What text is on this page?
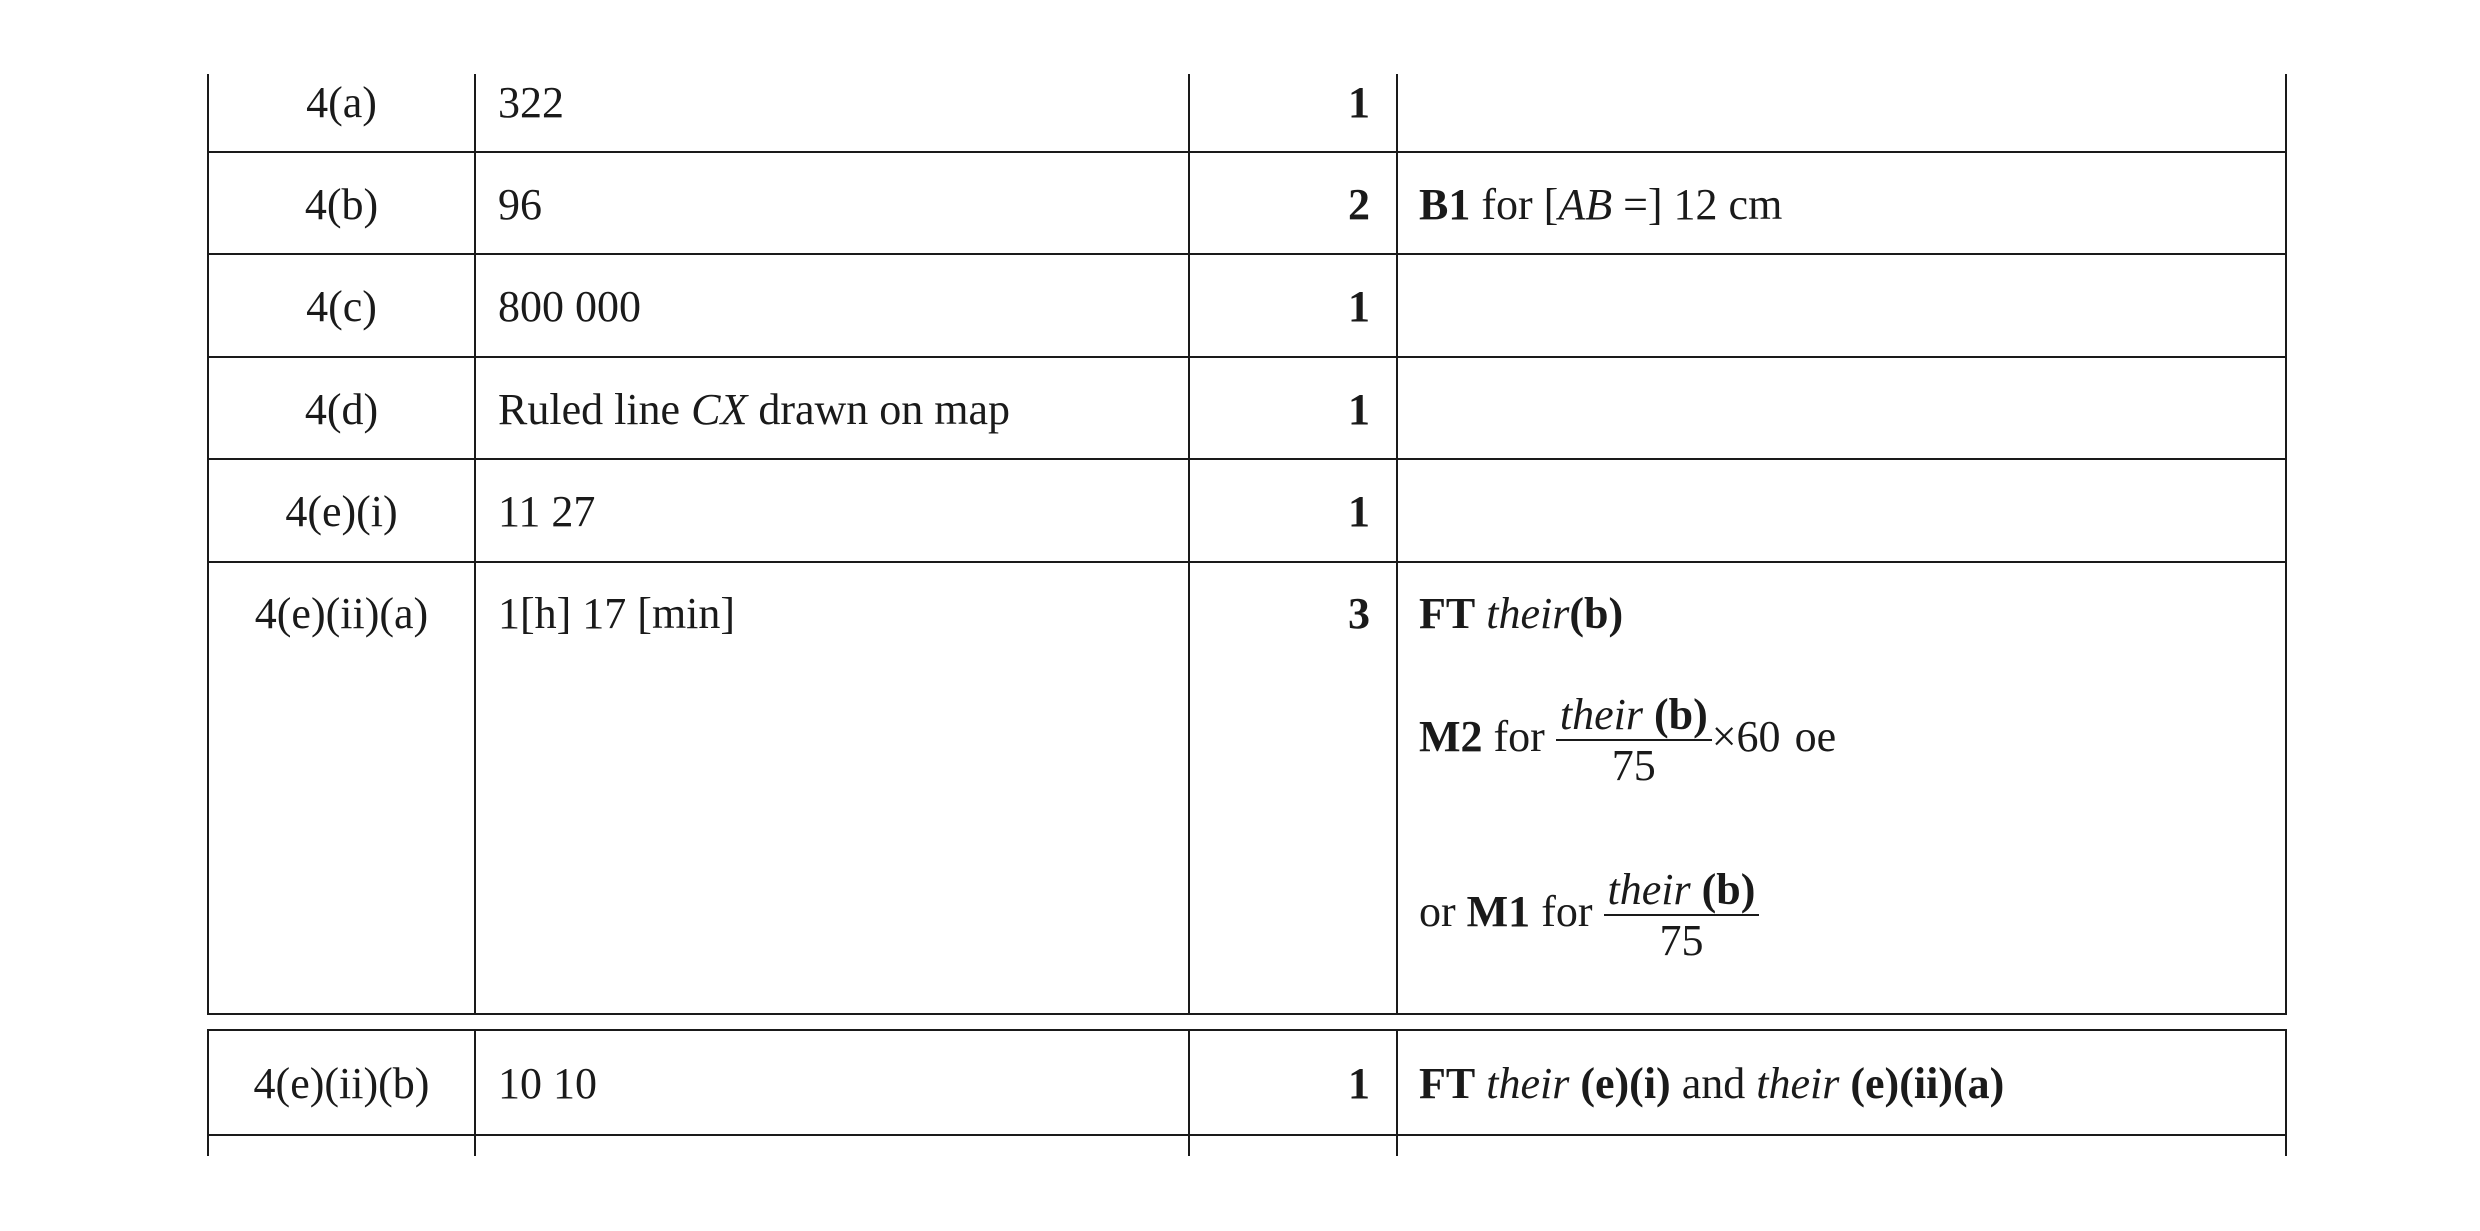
4(a)	322	1
4(b)	96	2 B1 for [AB =] 12 cm
4(c)	800 000	1
4(d)	Ruled line CX drawn on map	1
4(e)(i)	11 27	1
4(e)(ii)(a)	1[h] 17 [min]	3 FT their(b)
M2 for $\frac{\text{their (b)}}{75} \times 60$ oe
or M1 for $\frac{\text{their (b)}}{75}$
4(e)(ii)(b)	10 10	1 FT their (e)(i) and their (e)(ii)(a)
